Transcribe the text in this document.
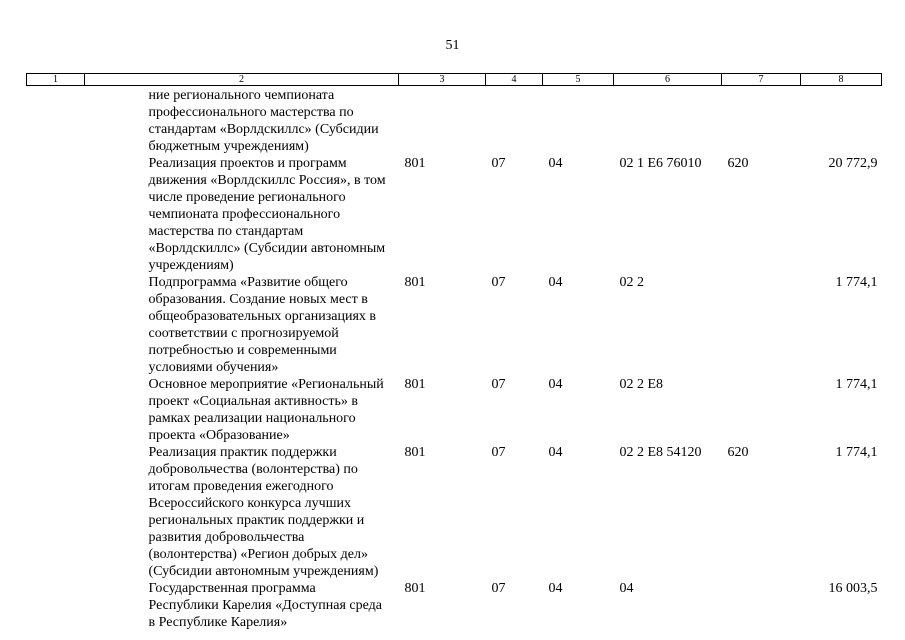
51
1	2	3	4	5	6	7	8
	ние регионального чемпионата профессионального мастерства по стандартам «Ворлдскиллс» (Субсидии бюджетным учреждениям)						
	Реализация проектов и программ движения «Ворлдскиллс Россия», в том числе проведение регионального чемпионата профессионального мастерства по стандартам «Ворлдскиллс» (Субсидии автономным учреждениям)	801	07	04	02 1 Е6 76010	620	20 772,9
	Подпрограмма «Развитие общего образования. Создание новых мест в общеобразовательных организациях в соответствии с прогнозируемой потребностью и современными условиями обучения»	801	07	04	02 2		1 774,1
	Основное мероприятие «Региональный проект «Социальная активность» в рамках реализации национального проекта «Образование»	801	07	04	02 2 Е8		1 774,1
	Реализация практик поддержки добровольчества (волонтерства) по итогам проведения ежегодного Всероссийского конкурса лучших региональных практик поддержки и развития добровольчества (волонтерства) «Регион добрых дел» (Субсидии автономным учреждениям)	801	07	04	02 2 Е8 54120	620	1 774,1
	Государственная программа Республики Карелия «Доступная среда в Республике Карелия»	801	07	04	04		16 003,5
